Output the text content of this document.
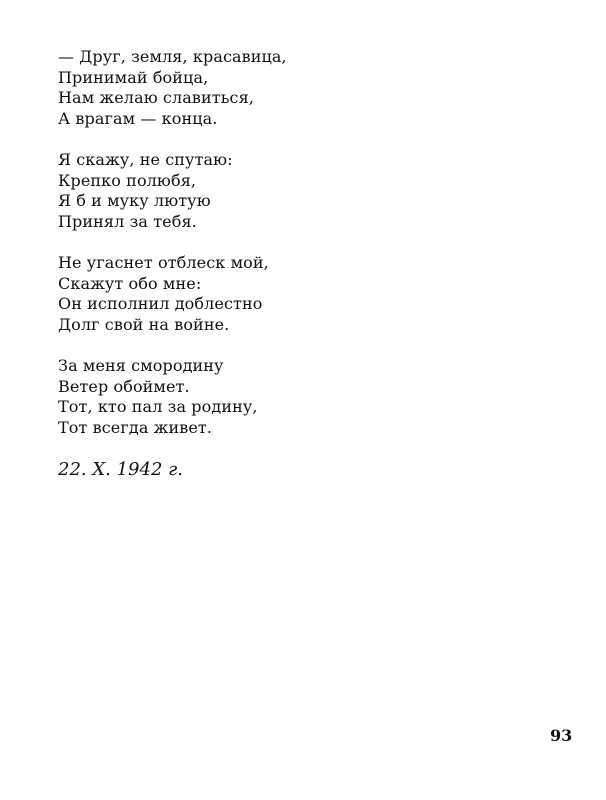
— Друг, земля, красавица,
Принимай бойца,
Нам желаю славиться,
А врагам — конца.
Я скажу, не спутаю:
Крепко полюбя,
Я б и муку лютую
Принял за тебя.
Не угаснет отблеск мой,
Скажут обо мне:
Он исполнил доблестно
Долг свой на войне.
За меня смородину
Ветер обоймет.
Тот, кто пал за родину,
Тот всегда живет.
22. X. 1942 г.
93
